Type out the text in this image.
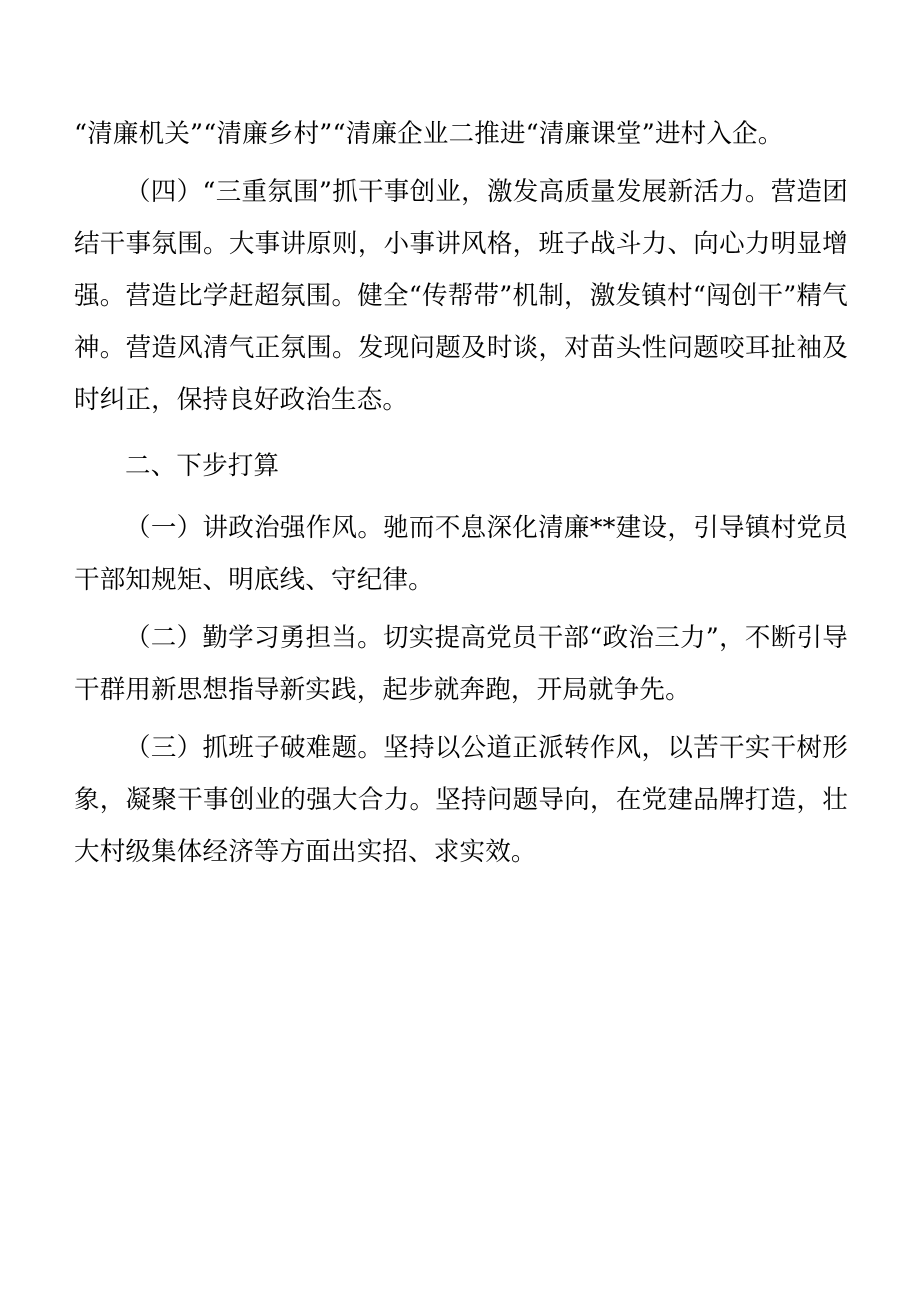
“清廉机关”“清廉乡村”“清廉企业二推进“清廉课堂”进村入企。

（四）“三重氛围”抓干事创业，激发高质量发展新活力。营造团结干事氛围。大事讲原则，小事讲风格，班子战斗力、向心力明显增强。营造比学赶超氛围。健全“传帮带”机制，激发镇村“闯创干”精气神。营造风清气正氛围。发现问题及时谈，对苗头性问题咬耳扯袖及时纠正，保持良好政治生态。

二、下步打算

（一）讲政治强作风。驰而不息深化清廉**建设，引导镇村党员干部知规矩、明底线、守纪律。

（二）勤学习勇担当。切实提高党员干部“政治三力”，不断引导干群用新思想指导新实践，起步就奔跑，开局就争先。

（三）抓班子破难题。坚持以公道正派转作风，以苦干实干树形象，凝聚干事创业的强大合力。坚持问题导向，在党建品牌打造，壮大村级集体经济等方面出实招、求实效。
